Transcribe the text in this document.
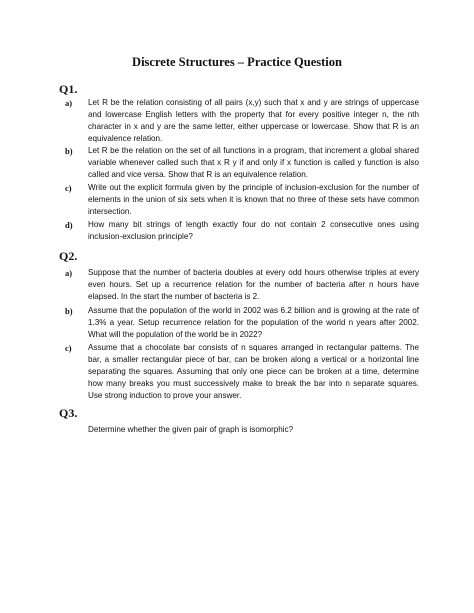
Discrete Structures – Practice Question
Q1.
a) Let R be the relation consisting of all pairs (x,y) such that x and y are strings of uppercase and lowercase English letters with the property that for every positive integer n, the nth character in x and y are the same letter, either uppercase or lowercase. Show that R is an equivalence relation.
b) Let R be the relation on the set of all functions in a program, that increment a global shared variable whenever called such that x R y if and only if x function is called y function is also called and vice versa. Show that R is an equivalence relation.
c) Write out the explicit formula given by the principle of inclusion-exclusion for the number of elements in the union of six sets when it is known that no three of these sets have common intersection.
d) How many bit strings of length exactly four do not contain 2 consecutive ones using inclusion-exclusion principle?
Q2.
a) Suppose that the number of bacteria doubles at every odd hours otherwise triples at every even hours. Set up a recurrence relation for the number of bacteria after n hours have elapsed. In the start the number of bacteria is 2.
b) Assume that the population of the world in 2002 was 6.2 billion and is growing at the rate of 1.3% a year. Setup recurrence relation for the population of the world n years after 2002. What will the population of the world be in 2022?
c) Assume that a chocolate bar consists of n squares arranged in rectangular patterns. The bar, a smaller rectangular piece of bar, can be broken along a vertical or a horizontal line separating the squares. Assuming that only one piece can be broken at a time, determine how many breaks you must successively make to break the bar into n separate squares. Use strong induction to prove your answer.
Q3.
Determine whether the given pair of graph is isomorphic?
